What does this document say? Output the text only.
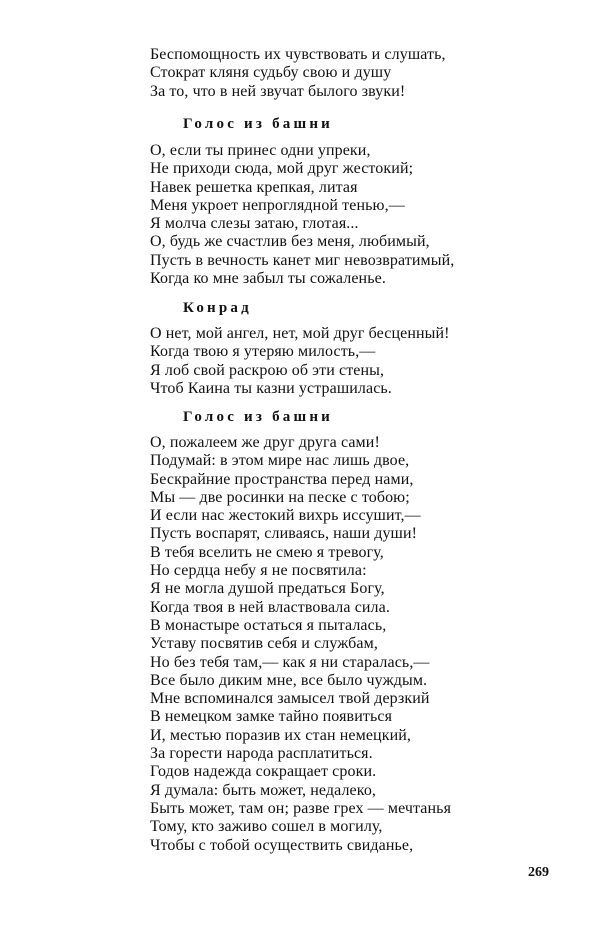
Беспомощность их чувствовать и слушать,
Стократ кляня судьбу свою и душу
За то, что в ней звучат былого звуки!
Голос из башни
О, если ты принес одни упреки,
Не приходи сюда, мой друг жестокий;
Навек решетка крепкая, литая
Меня укроет непроглядной тенью,—
Я молча слезы затаю, глотая...
О, будь же счастлив без меня, любимый,
Пусть в вечность канет миг невозвратимый,
Когда ко мне забыл ты сожаленье.
Конрад
О нет, мой ангел, нет, мой друг бесценный!
Когда твою я утеряю милость,—
Я лоб свой раскрою об эти стены,
Чтоб Каина ты казни устрашилась.
Голос из башни
О, пожалеем же друг друга сами!
Подумай: в этом мире нас лишь двое,
Бескрайние пространства перед нами,
Мы — две росинки на песке с тобою;
И если нас жестокий вихрь иссушит,—
Пусть воспарят, сливаясь, наши души!
В тебя вселить не смею я тревогу,
Но сердца небу я не посвятила:
Я не могла душой предаться Богу,
Когда твоя в ней властвовала сила.
В монастыре остаться я пыталась,
Уставу посвятив себя и службам,
Но без тебя там,— как я ни старалась,—
Все было диким мне, все было чуждым.
Мне вспоминался замысел твой дерзкий
В немецком замке тайно появиться
И, местью поразив их стан немецкий,
За горести народа расплатиться.
Годов надежда сокращает сроки.
Я думала: быть может, недалеко,
Быть может, там он; разве грех — мечтанья
Тому, кто заживо сошел в могилу,
Чтобы с тобой осуществить свиданье,
269
